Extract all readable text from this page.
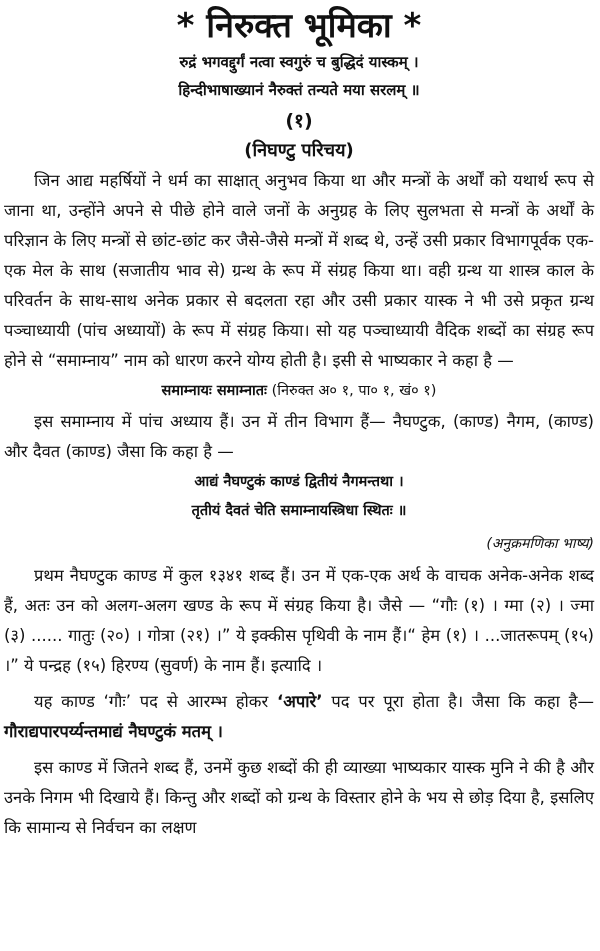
* निरुक्त भूमिका *
रुद्रं भगवद्दुर्गं नत्वा स्वगुरुं च बुद्धिदं यास्कम् ।
हिन्दीभाषाख्यानं नैरुक्तं तन्यते मया सरलम् ॥
(१)
(निघण्टु परिचय)

जिन आद्य महर्षियों ने धर्म का साक्षात् अनुभव किया था और मन्त्रों के अर्थों को यथार्थ रूप से जाना था, उन्होंने अपने से पीछे होने वाले जनों के अनुग्रह के लिए सुलभता से मन्त्रों के अर्थों के परिज्ञान के लिए मन्त्रों से छांट-छांट कर जैसे-जैसे मन्त्रों में शब्द थे, उन्हें उसी प्रकार विभागपूर्वक एक-एक मेल के साथ (सजातीय भाव से) ग्रन्थ के रूप में संग्रह किया था। वही ग्रन्थ या शास्त्र काल के परिवर्तन के साथ-साथ अनेक प्रकार से बदलता रहा और उसी प्रकार यास्क ने भी उसे प्रकृत ग्रन्थ पञ्चाध्यायी (पांच अध्यायों) के रूप में संग्रह किया। सो यह पञ्चाध्यायी वैदिक शब्दों का संग्रह रूप होने से “समाम्नाय” नाम को धारण करने योग्य होती है। इसी से भाष्यकार ने कहा है —

समाम्नायः समाम्नातः (निरुक्त अ० १, पा० १, खं० १)

इस समाम्नाय में पांच अध्याय हैं। उन में तीन विभाग हैं— नैघण्टुक, (काण्ड) नैगम, (काण्ड) और दैवत (काण्ड) जैसा कि कहा है —

आद्यं नैघण्टुकं काण्डं द्वितीयं नैगमन्तथा ।
तृतीयं दैवतं चेति समाम्नायस्त्रिधा स्थितः ॥
(अनुक्रमणिका भाष्य)

प्रथम नैघण्टुक काण्ड में कुल १३४१ शब्द हैं। उन में एक-एक अर्थ के वाचक अनेक-अनेक शब्द हैं, अतः उन को अलग-अलग खण्ड के रूप में संग्रह किया है। जैसे — “गौः (१) । ग्मा (२) । ज्मा (३) ...... गातुः (२०) । गोत्रा (२१) ।” ये इक्कीस पृथिवी के नाम हैं।“ हेम (१) । ...जातरूपम् (१५) ।” ये पन्द्रह (१५) हिरण्य (सुवर्ण) के नाम हैं। इत्यादि ।

यह काण्ड ‘गौः’ पद से आरम्भ होकर ‘अपारे’ पद पर पूरा होता है। जैसा कि कहा है— गौराद्यपारपर्य्यन्तमाद्यं नैघण्टुकं मतम् ।

इस काण्ड में जितने शब्द हैं, उनमें कुछ शब्दों की ही व्याख्या भाष्यकार यास्क मुनि ने की है और उनके निगम भी दिखाये हैं। किन्तु और शब्दों को ग्रन्थ के विस्तार होने के भय से छोड़ दिया है, इसलिए कि सामान्य से निर्वचन का लक्षण
